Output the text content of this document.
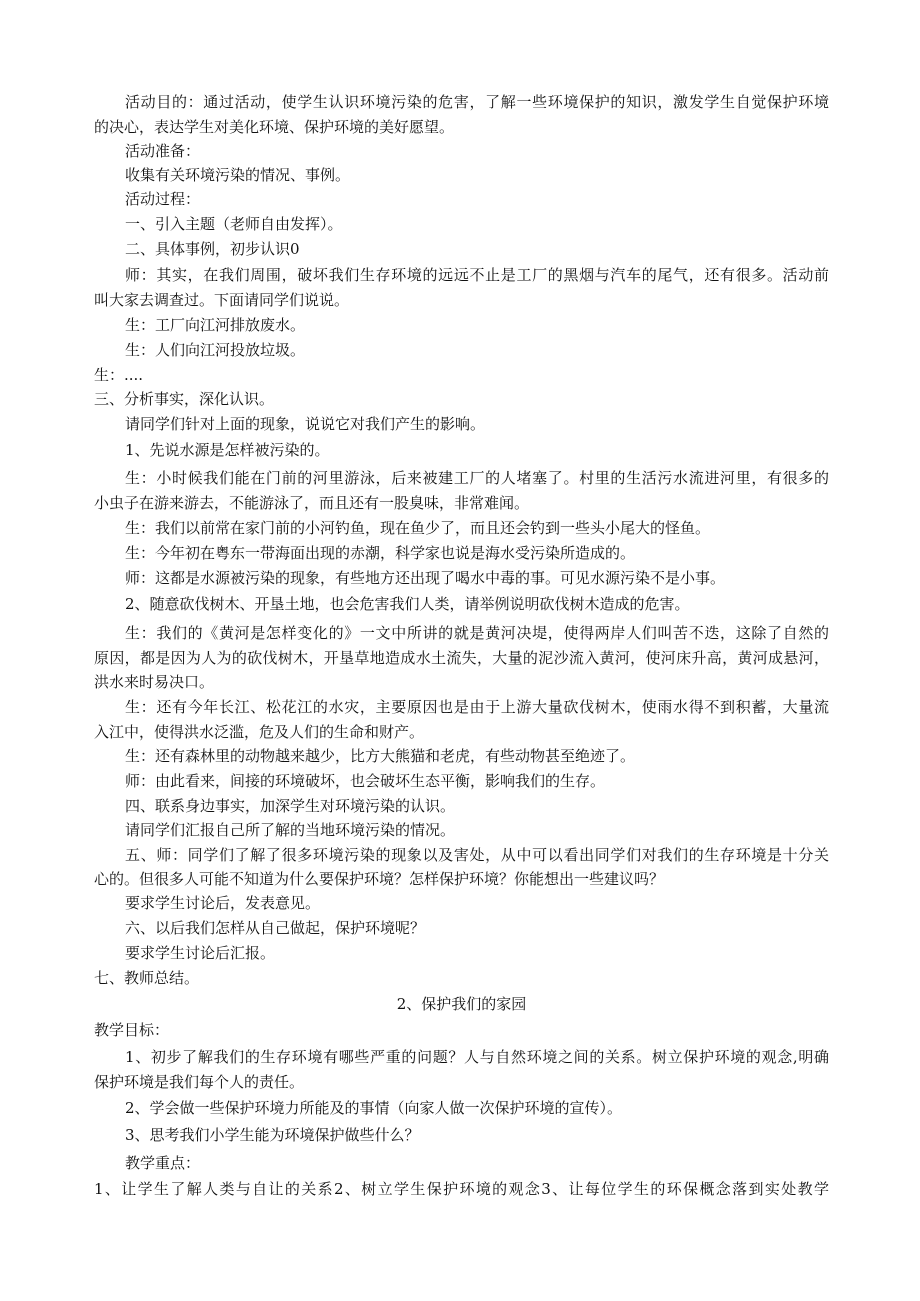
活动目的：通过活动，使学生认识环境污染的危害，了解一些环境保护的知识，激发学生自觉保护环境
的决心，表达学生对美化环境、保护环境的美好愿望。
活动准备：
收集有关环境污染的情况、事例。
活动过程：
一、引入主题（老师自由发挥）。
二、具体事例，初步认识0
师：其实，在我们周围，破坏我们生存环境的远远不止是工厂的黑烟与汽车的尾气，还有很多。活动前
叫大家去调查过。下面请同学们说说。
生：工厂向江河排放废水。
生：人们向江河投放垃圾。
生：....
三、分析事实，深化认识。
请同学们针对上面的现象，说说它对我们产生的影响。
1、先说水源是怎样被污染的。
生：小时候我们能在门前的河里游泳，后来被建工厂的人堵塞了。村里的生活污水流进河里，有很多的
小虫子在游来游去，不能游泳了，而且还有一股臭味，非常难闻。
生：我们以前常在家门前的小河钓鱼，现在鱼少了，而且还会钓到一些头小尾大的怪鱼。
生：今年初在粤东一带海面出现的赤潮，科学家也说是海水受污染所造成的。
师：这都是水源被污染的现象，有些地方还出现了喝水中毒的事。可见水源污染不是小事。
2、随意砍伐树木、开垦土地，也会危害我们人类，请举例说明砍伐树木造成的危害。
生：我们的《黄河是怎样变化的》一文中所讲的就是黄河决堤，使得两岸人们叫苦不迭，这除了自然的
原因，都是因为人为的砍伐树木，开垦草地造成水土流失，大量的泥沙流入黄河，使河床升高，黄河成悬河，
洪水来时易决口。
生：还有今年长江、松花江的水灾，主要原因也是由于上游大量砍伐树木，使雨水得不到积蓄，大量流
入江中，使得洪水泛滥，危及人们的生命和财产。
生：还有森林里的动物越来越少，比方大熊猫和老虎，有些动物甚至绝迹了。
师：由此看来，间接的环境破坏，也会破坏生态平衡，影响我们的生存。
四、联系身边事实，加深学生对环境污染的认识。
请同学们汇报自己所了解的当地环境污染的情况。
五、师：同学们了解了很多环境污染的现象以及害处，从中可以看出同学们对我们的生存环境是十分关
心的。但很多人可能不知道为什么要保护环境？怎样保护环境？你能想出一些建议吗？
要求学生讨论后，发表意见。
六、以后我们怎样从自己做起，保护环境呢？
要求学生讨论后汇报。
七、教师总结。
2、保护我们的家园
教学目标：
1、初步了解我们的生存环境有哪些严重的问题？人与自然环境之间的关系。树立保护环境的观念,明确
保护环境是我们每个人的责任。
2、学会做一些保护环境力所能及的事情（向家人做一次保护环境的宣传）。
3、思考我们小学生能为环境保护做些什么？
教学重点：
1、让学生了解人类与自让的关系2、树立学生保护环境的观念3、让每位学生的环保概念落到实处教学
